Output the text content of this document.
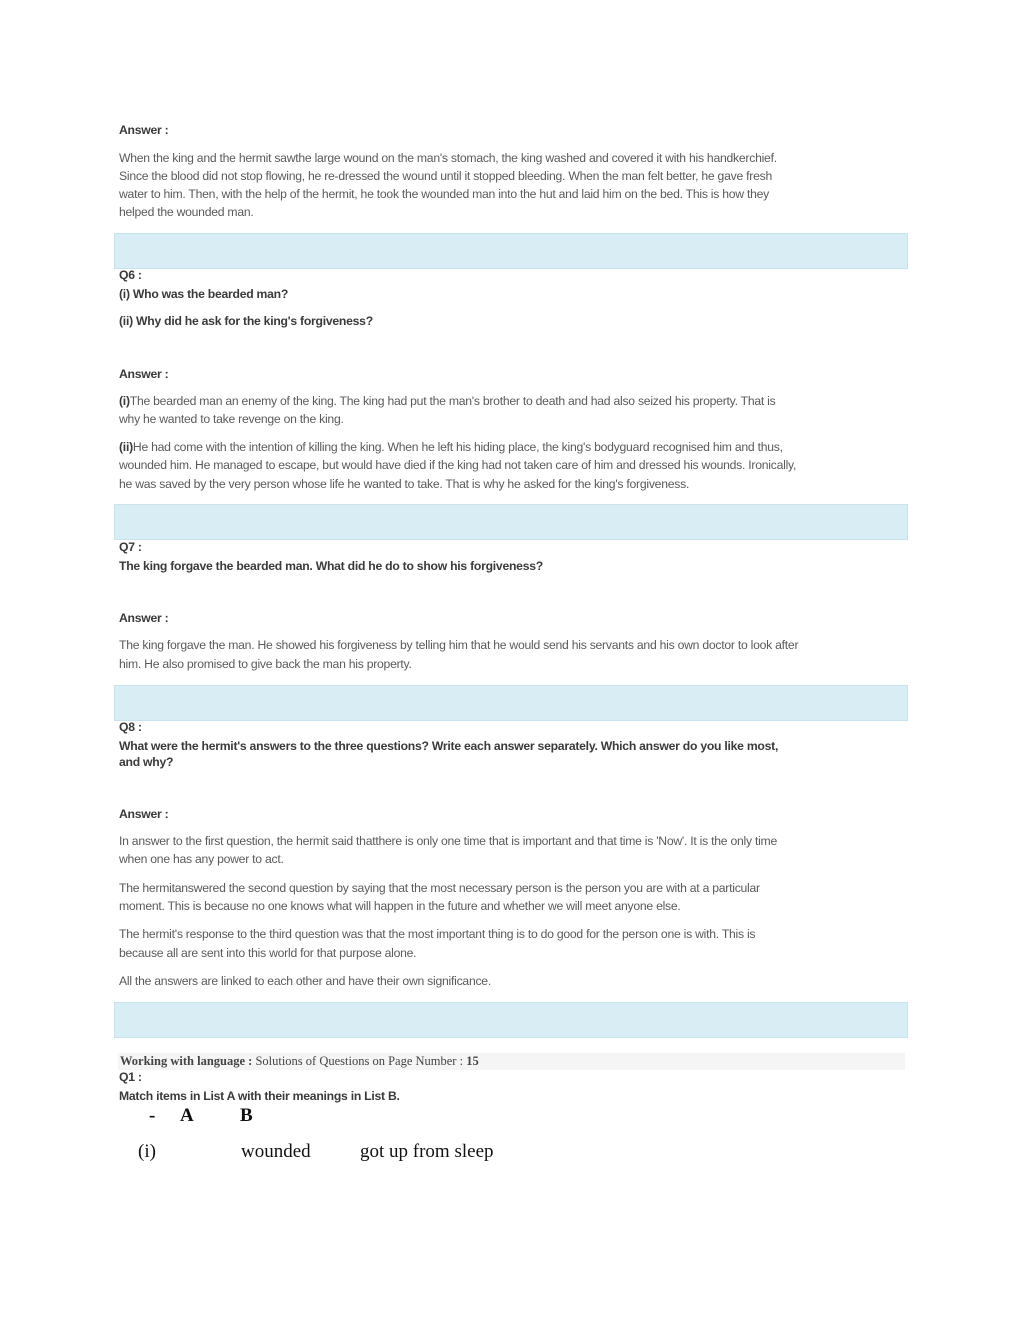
Answer :
When the king and the hermit sawthe large wound on the man's stomach, the king washed and covered it with his handkerchief.
Since the blood did not stop flowing, he re-dressed the wound until it stopped bleeding. When the man felt better, he gave fresh
water to him. Then, with the help of the hermit, he took the wounded man into the hut and laid him on the bed. This is how they
helped the wounded man.
Q6 :
(i) Who was the bearded man?
(ii) Why did he ask for the king's forgiveness?
Answer :
(i)The bearded man an enemy of the king. The king had put the man's brother to death and had also seized his property. That is
why he wanted to take revenge on the king.
(ii)He had come with the intention of killing the king. When he left his hiding place, the king's bodyguard recognised him and thus,
wounded him. He managed to escape, but would have died if the king had not taken care of him and dressed his wounds. Ironically,
he was saved by the very person whose life he wanted to take. That is why he asked for the king's forgiveness.
Q7 :
The king forgave the bearded man. What did he do to show his forgiveness?
Answer :
The king forgave the man. He showed his forgiveness by telling him that he would send his servants and his own doctor to look after
him. He also promised to give back the man his property.
Q8 :
What were the hermit's answers to the three questions? Write each answer separately. Which answer do you like most,
and why?
Answer :
In answer to the first question, the hermit said thatthere is only one time that is important and that time is 'Now'. It is the only time
when one has any power to act.
The hermitanswered the second question by saying that the most necessary person is the person you are with at a particular
moment. This is because no one knows what will happen in the future and whether we will meet anyone else.
The hermit's response to the third question was that the most important thing is to do good for the person one is with. This is
because all are sent into this world for that purpose alone.
All the answers are linked to each other and have their own significance.
Working with language : Solutions of Questions on Page Number : 15
Q1 :
Match items in List A with their meanings in List B.
- A B
(i)	wounded	got up from sleep
